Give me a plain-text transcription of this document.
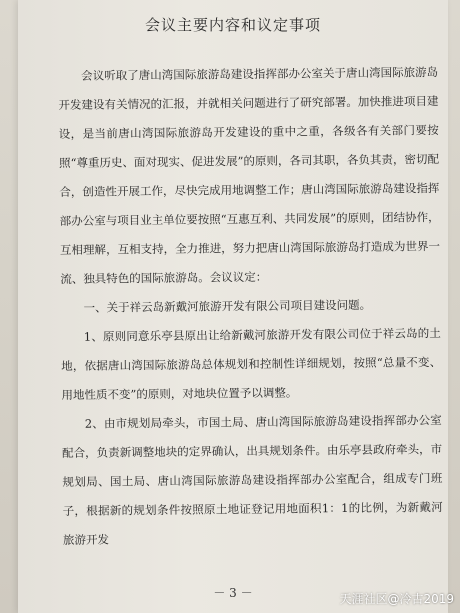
会议主要内容和议定事项

会议听取了唐山湾国际旅游岛建设指挥部办公室关于唐山湾国际旅游岛开发建设有关情况的汇报，并就相关问题进行了研究部署。加快推进项目建设，是当前唐山湾国际旅游岛开发建设的重中之重，各级各有关部门要按照“尊重历史、面对现实、促进发展”的原则，各司其职，各负其责，密切配合，创造性开展工作，尽快完成用地调整工作；唐山湾国际旅游岛建设指挥部办公室与项目业主单位要按照“互惠互利、共同发展”的原则，团结协作，互相理解，互相支持，全力推进，努力把唐山湾国际旅游岛打造成为世界一流、独具特色的国际旅游岛。会议议定：

一、关于祥云岛新戴河旅游开发有限公司项目建设问题。

1、原则同意乐亭县原出让给新戴河旅游开发有限公司位于祥云岛的土地，依据唐山湾国际旅游岛总体规划和控制性详细规划，按照“总量不变、用地性质不变”的原则，对地块位置予以调整。

2、由市规划局牵头，市国土局、唐山湾国际旅游岛建设指挥部办公室配合，负责新调整地块的定界确认，出具规划条件。由乐亭县政府牵头，市规划局、国土局、唐山湾国际旅游岛建设指挥部办公室配合，组成专门班子，根据新的规划条件按照原土地证登记用地面积1：1的比例，为新戴河旅游开发

－ 3 －	天涯社区@冷古2019
